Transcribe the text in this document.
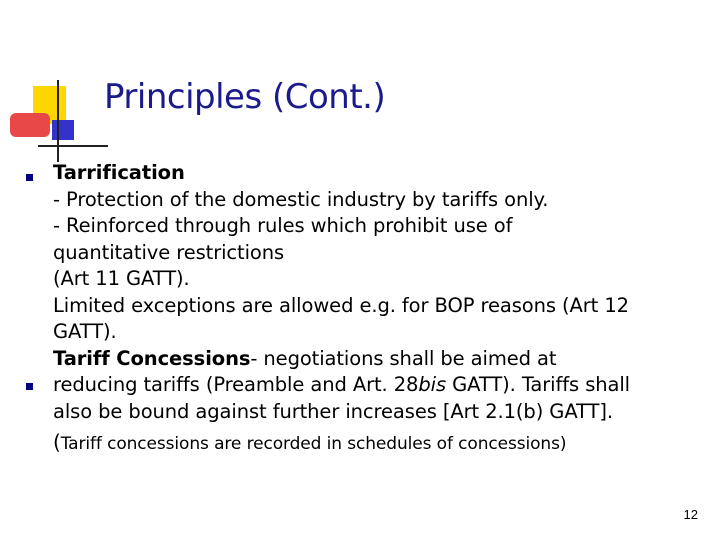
Principles (Cont.)

Tarrification

- Protection of the domestic industry by tariffs only.

- Reinforced through rules which prohibit use of

quantitative restrictions

(Art 11 GATT).

Limited exceptions are allowed e.g. for BOP reasons (Art 12

GATT).

Tariff Concessions- negotiations shall be aimed at

reducing tariffs (Preamble and Art. 28bis GATT). Tariffs shall

also be bound against further increases [Art 2.1(b) GATT].

(Tariff concessions are recorded in schedules of concessions)

12
